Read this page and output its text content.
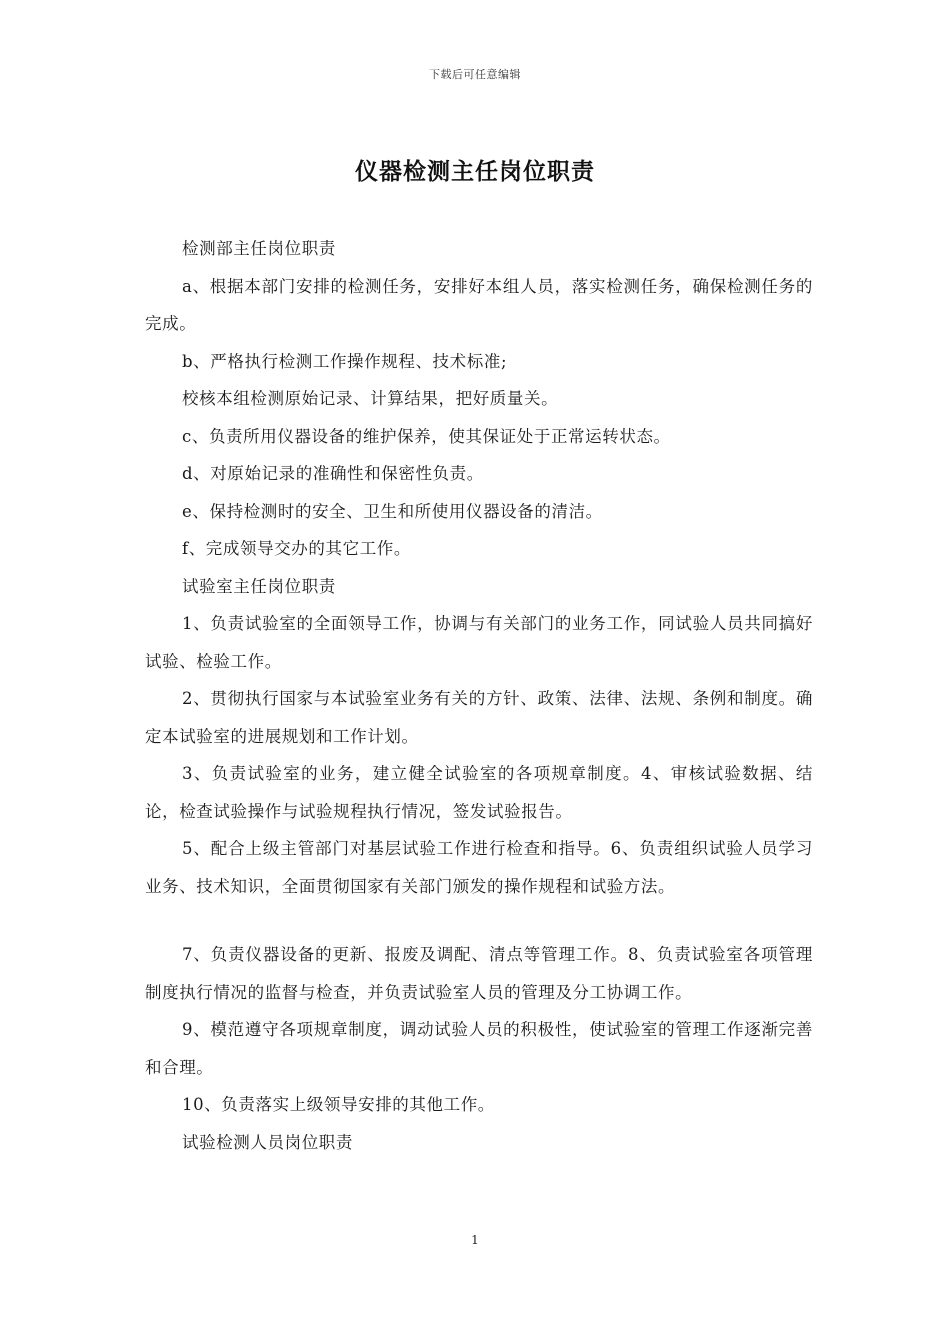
下载后可任意编辑
仪器检测主任岗位职责

检测部主任岗位职责

a、根据本部门安排的检测任务，安排好本组人员，落实检测任务，确保检测任务的完成。

b、严格执行检测工作操作规程、技术标准;

校核本组检测原始记录、计算结果，把好质量关。

c、负责所用仪器设备的维护保养，使其保证处于正常运转状态。

d、对原始记录的准确性和保密性负责。

e、保持检测时的安全、卫生和所使用仪器设备的清洁。

f、完成领导交办的其它工作。

试验室主任岗位职责

1、负责试验室的全面领导工作，协调与有关部门的业务工作，同试验人员共同搞好试验、检验工作。

2、贯彻执行国家与本试验室业务有关的方针、政策、法律、法规、条例和制度。确定本试验室的进展规划和工作计划。

3、负责试验室的业务，建立健全试验室的各项规章制度。4、审核试验数据、结论，检查试验操作与试验规程执行情况，签发试验报告。

5、配合上级主管部门对基层试验工作进行检查和指导。6、负责组织试验人员学习业务、技术知识，全面贯彻国家有关部门颁发的操作规程和试验方法。

7、负责仪器设备的更新、报废及调配、清点等管理工作。8、负责试验室各项管理制度执行情况的监督与检查，并负责试验室人员的管理及分工协调工作。

9、模范遵守各项规章制度，调动试验人员的积极性，使试验室的管理工作逐渐完善和合理。

10、负责落实上级领导安排的其他工作。

试验检测人员岗位职责

1
